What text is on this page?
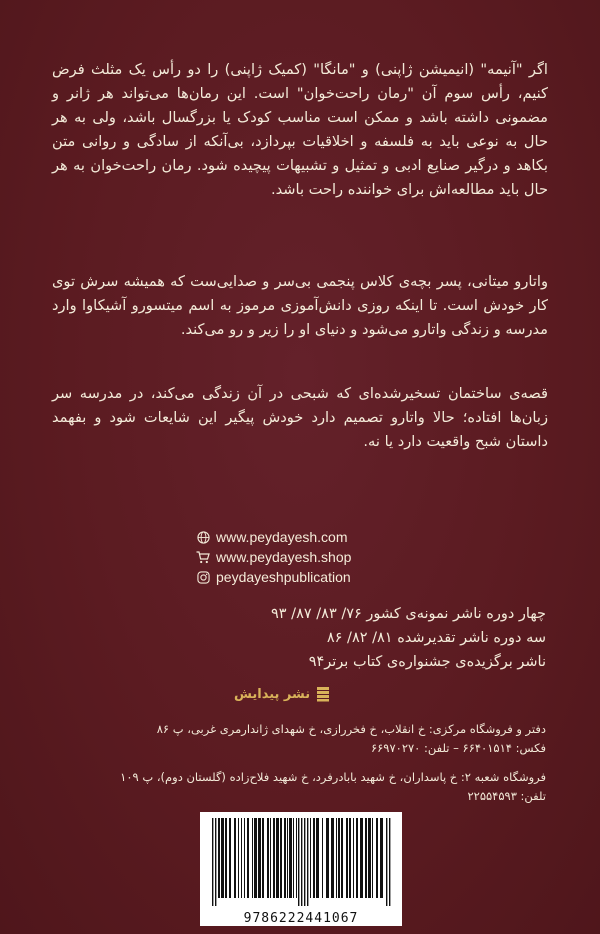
اگر "آنیمه" (انیمیشن ژاپنی) و "مانگا" (کمیک ژاپنی) را دو رأس یک مثلث فرض کنیم، رأس سوم آن "رمان راحت‌خوان" است. این رمان‌ها می‌تواند هر ژانر و مضمونی داشته باشد و ممکن است مناسب کودک یا بزرگسال باشد، ولی به هر حال به نوعی باید به فلسفه و اخلاقیات بپردازد، بی‌آنکه از سادگی و روانی متن بکاهد و درگیر صنایع ادبی و تمثیل و تشبیهات پیچیده شود. رمان راحت‌خوان به هر حال باید مطالعه‌اش برای خواننده راحت باشد.

واتارو میتانی، پسر بچه‌ی کلاس پنجمی بی‌سر و صدایی‌ست که همیشه سرش توی کار خودش است. تا اینکه روزی دانش‌آموزی مرموز به اسم میتسورو آشیکاوا وارد مدرسه و زندگی واتارو می‌شود و دنیای او را زیر و رو می‌کند.

قصه‌ی ساختمان تسخیرشده‌ای که شبحی در آن زندگی می‌کند، در مدرسه سر زبان‌ها افتاده؛ حالا واتارو تصمیم دارد خودش پیگیر این شایعات شود و بفهمد داستان شبح واقعیت دارد یا نه.

www.peydayesh.com
www.peydayesh.shop
peydayeshpublication
چهار دوره ناشر نمونه‌ی کشور ۷۶/ ۸۳/ ۸۷/ ۹۳
سه دوره ناشر تقدیرشده ۸۱/ ۸۲/ ۸۶
ناشر برگزیده‌ی جشنواره‌ی کتاب برتر۹۴
نشر پیدایش
دفتر و فروشگاه مرکزی: خ انقلاب، خ فخررازی، خ شهدای ژاندارمری غربی، پ ۸۶
فکس: ۶۶۴۰۱۵۱۴ – تلفن: ۶۶۹۷۰۲۷۰
فروشگاه شعبه ۲: خ پاسداران، خ شهید بابادرفرد، خ شهید فلاح‌زاده (گلستان دوم)، پ ۱۰۹
تلفن: ۲۲۵۵۴۵۹۳
9786222441067
